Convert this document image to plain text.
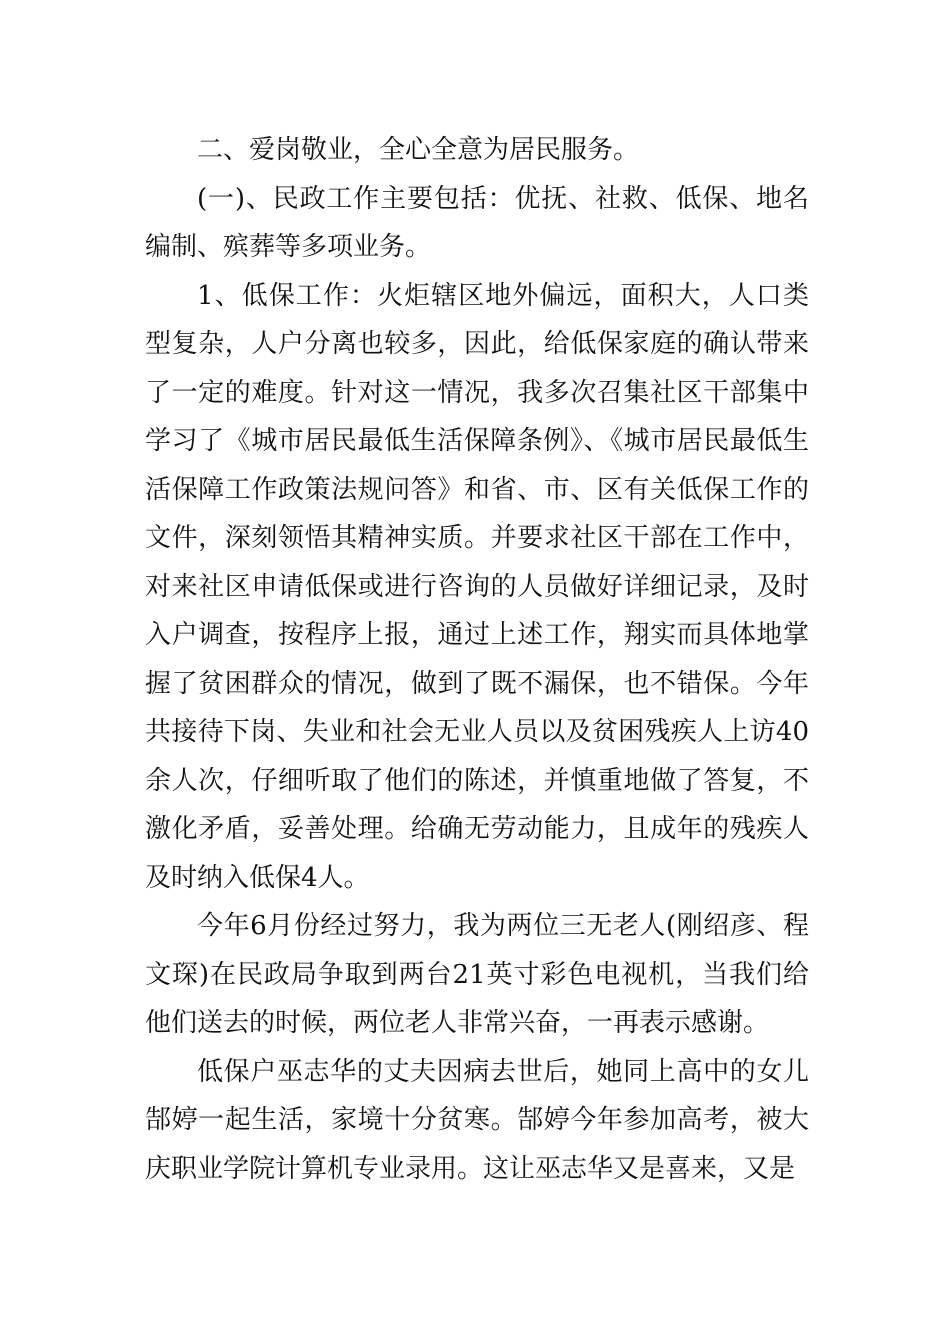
二、爱岗敬业，全心全意为居民服务。

(一)、民政工作主要包括：优抚、社救、低保、地名编制、殡葬等多项业务。

1、低保工作：火炬辖区地外偏远，面积大，人口类型复杂，人户分离也较多，因此，给低保家庭的确认带来了一定的难度。针对这一情况，我多次召集社区干部集中学习了《城市居民最低生活保障条例》、《城市居民最低生活保障工作政策法规问答》和省、市、区有关低保工作的文件，深刻领悟其精神实质。并要求社区干部在工作中，对来社区申请低保或进行咨询的人员做好详细记录，及时入户调查，按程序上报，通过上述工作，翔实而具体地掌握了贫困群众的情况，做到了既不漏保，也不错保。今年共接待下岗、失业和社会无业人员以及贫困残疾人上访40余人次，仔细听取了他们的陈述，并慎重地做了答复，不激化矛盾，妥善处理。给确无劳动能力，且成年的残疾人及时纳入低保4人。

今年6月份经过努力，我为两位三无老人(刚绍彦、程文琛)在民政局争取到两台21英寸彩色电视机，当我们给他们送去的时候，两位老人非常兴奋，一再表示感谢。

低保户巫志华的丈夫因病去世后，她同上高中的女儿郜婷一起生活，家境十分贫寒。郜婷今年参加高考，被大庆职业学院计算机专业录用。这让巫志华又是喜来，又是
